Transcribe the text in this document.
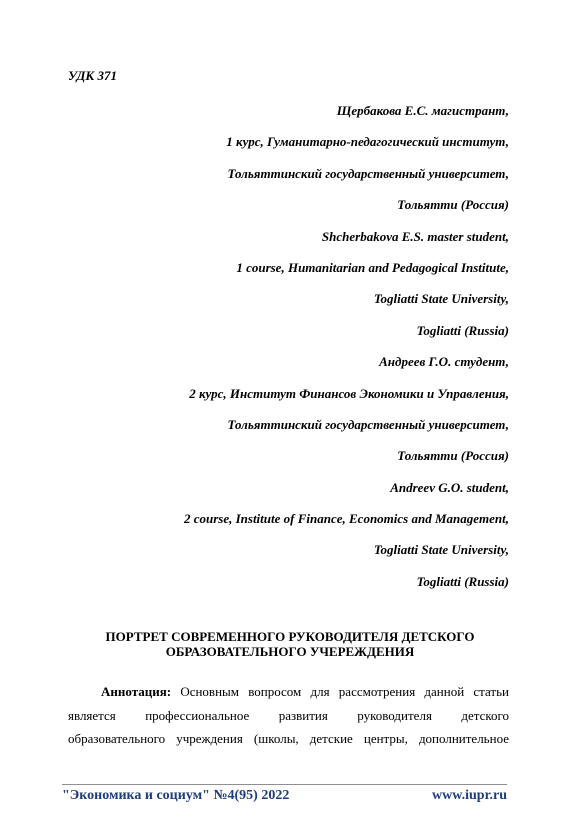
УДК 371
Щербакова Е.С. магистрант,
1 курс, Гуманитарно-педагогический институт,
Тольяттинский государственный университет,
Тольятти (Россия)
Shcherbakova E.S. master student,
1 course, Humanitarian and Pedagogical Institute,
Togliatti State University,
Togliatti (Russia)
Андреев Г.О. студент,
2 курс, Институт Финансов Экономики и Управления,
Тольяттинский государственный университет,
Тольятти (Россия)
Andreev G.O. student,
2 course, Institute of Finance, Economics and Management,
Togliatti State University,
Togliatti (Russia)
ПОРТРЕТ СОВРЕМЕННОГО РУКОВОДИТЕЛЯ ДЕТСКОГО
ОБРАЗОВАТЕЛЬНОГО УЧЕРЕЖДЕНИЯ
Аннотация: Основным вопросом для рассмотрения данной статьи
является профессиональное развития руководителя детского
образовательного учреждения (школы, детские центры, дополнительное
"Экономика и социум" №4(95) 2022	www.iupr.ru
